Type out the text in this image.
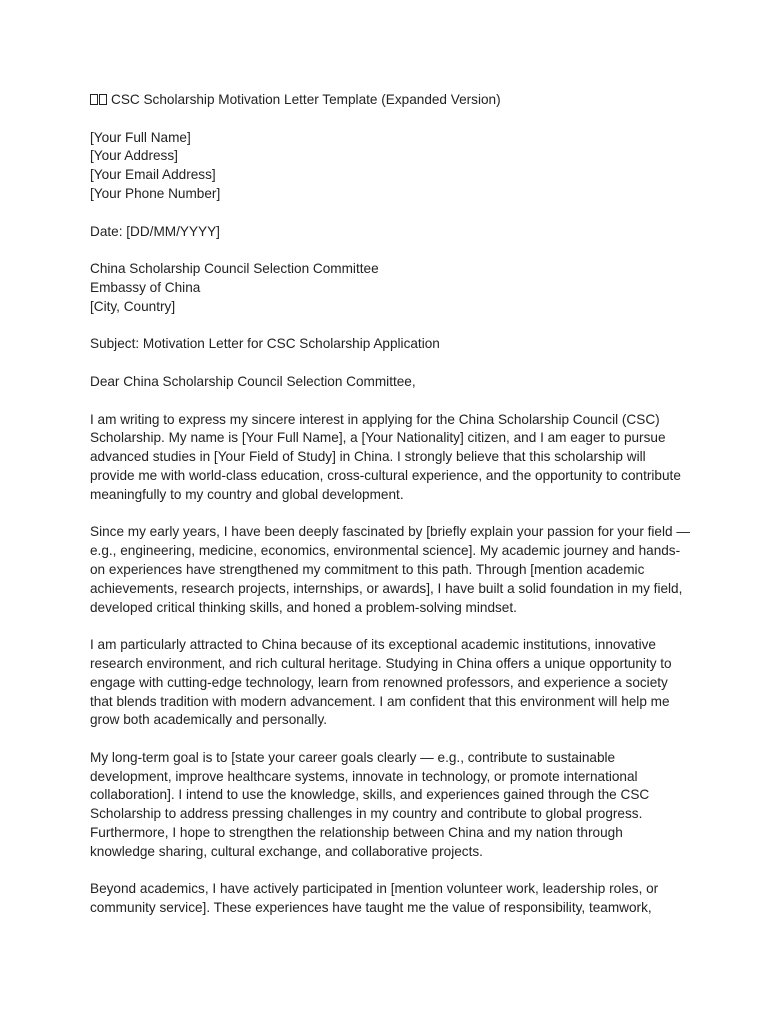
CSC Scholarship Motivation Letter Template (Expanded Version)
[Your Full Name]
[Your Address]
[Your Email Address]
[Your Phone Number]
Date: [DD/MM/YYYY]
China Scholarship Council Selection Committee
Embassy of China
[City, Country]
Subject: Motivation Letter for CSC Scholarship Application
Dear China Scholarship Council Selection Committee,

I am writing to express my sincere interest in applying for the China Scholarship Council (CSC) Scholarship. My name is [Your Full Name], a [Your Nationality] citizen, and I am eager to pursue advanced studies in [Your Field of Study] in China. I strongly believe that this scholarship will provide me with world-class education, cross-cultural experience, and the opportunity to contribute meaningfully to my country and global development.

Since my early years, I have been deeply fascinated by [briefly explain your passion for your field — e.g., engineering, medicine, economics, environmental science]. My academic journey and hands-on experiences have strengthened my commitment to this path. Through [mention academic achievements, research projects, internships, or awards], I have built a solid foundation in my field, developed critical thinking skills, and honed a problem-solving mindset.

I am particularly attracted to China because of its exceptional academic institutions, innovative research environment, and rich cultural heritage. Studying in China offers a unique opportunity to engage with cutting-edge technology, learn from renowned professors, and experience a society that blends tradition with modern advancement. I am confident that this environment will help me grow both academically and personally.

My long-term goal is to [state your career goals clearly — e.g., contribute to sustainable development, improve healthcare systems, innovate in technology, or promote international collaboration]. I intend to use the knowledge, skills, and experiences gained through the CSC Scholarship to address pressing challenges in my country and contribute to global progress. Furthermore, I hope to strengthen the relationship between China and my nation through knowledge sharing, cultural exchange, and collaborative projects.

Beyond academics, I have actively participated in [mention volunteer work, leadership roles, or community service]. These experiences have taught me the value of responsibility, teamwork,
